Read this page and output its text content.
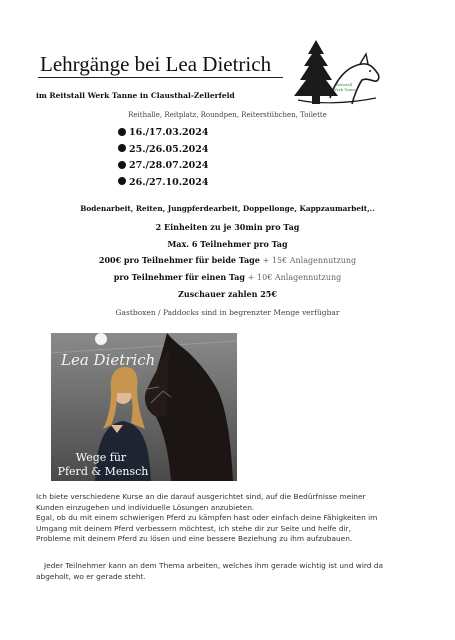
Lehrgänge bei Lea Dietrich
Reitstall
Werk Tanne
im Reitstall Werk Tanne in Clausthal-Zellerfeld
Reithalle, Reitplatz, Roundpen, Reiterstübchen, Toilette
16./17.03.2024
25./26.05.2024
27./28.07.2024
26./27.10.2024
Bodenarbeit, Reiten, Jungpferdearbeit, Doppellonge, Kappzaumarbeit,..
2 Einheiten zu je 30min pro Tag
Max. 6 Teilnehmer pro Tag
200€ pro Teilnehmer für beide Tage + 15€ Anlagennutzung
pro Teilnehmer für einen Tag + 10€ Anlagennutzung
Zuschauer zahlen 25€
Gastboxen / Paddocks sind in begrenzter Menge verfügbar
Lea Dietrich
Wege für
Pferd & Mensch
Ich biete verschiedene Kurse an die darauf ausgerichtet sind, auf die Bedürfnisse meiner
Kunden einzugehen und individuelle Lösungen anzubieten.
Egal, ob du mit einem schwierigen Pferd zu kämpfen hast oder einfach deine Fähigkeiten im
Umgang mit deinem Pferd verbessern möchtest, ich stehe dir zur Seite und helfe dir,
Probleme mit deinem Pferd zu lösen und eine bessere Beziehung zu ihm aufzubauen.
Jeder Teilnehmer kann an dem Thema arbeiten, welches ihm gerade wichtig ist und wird da
abgeholt, wo er gerade steht.
